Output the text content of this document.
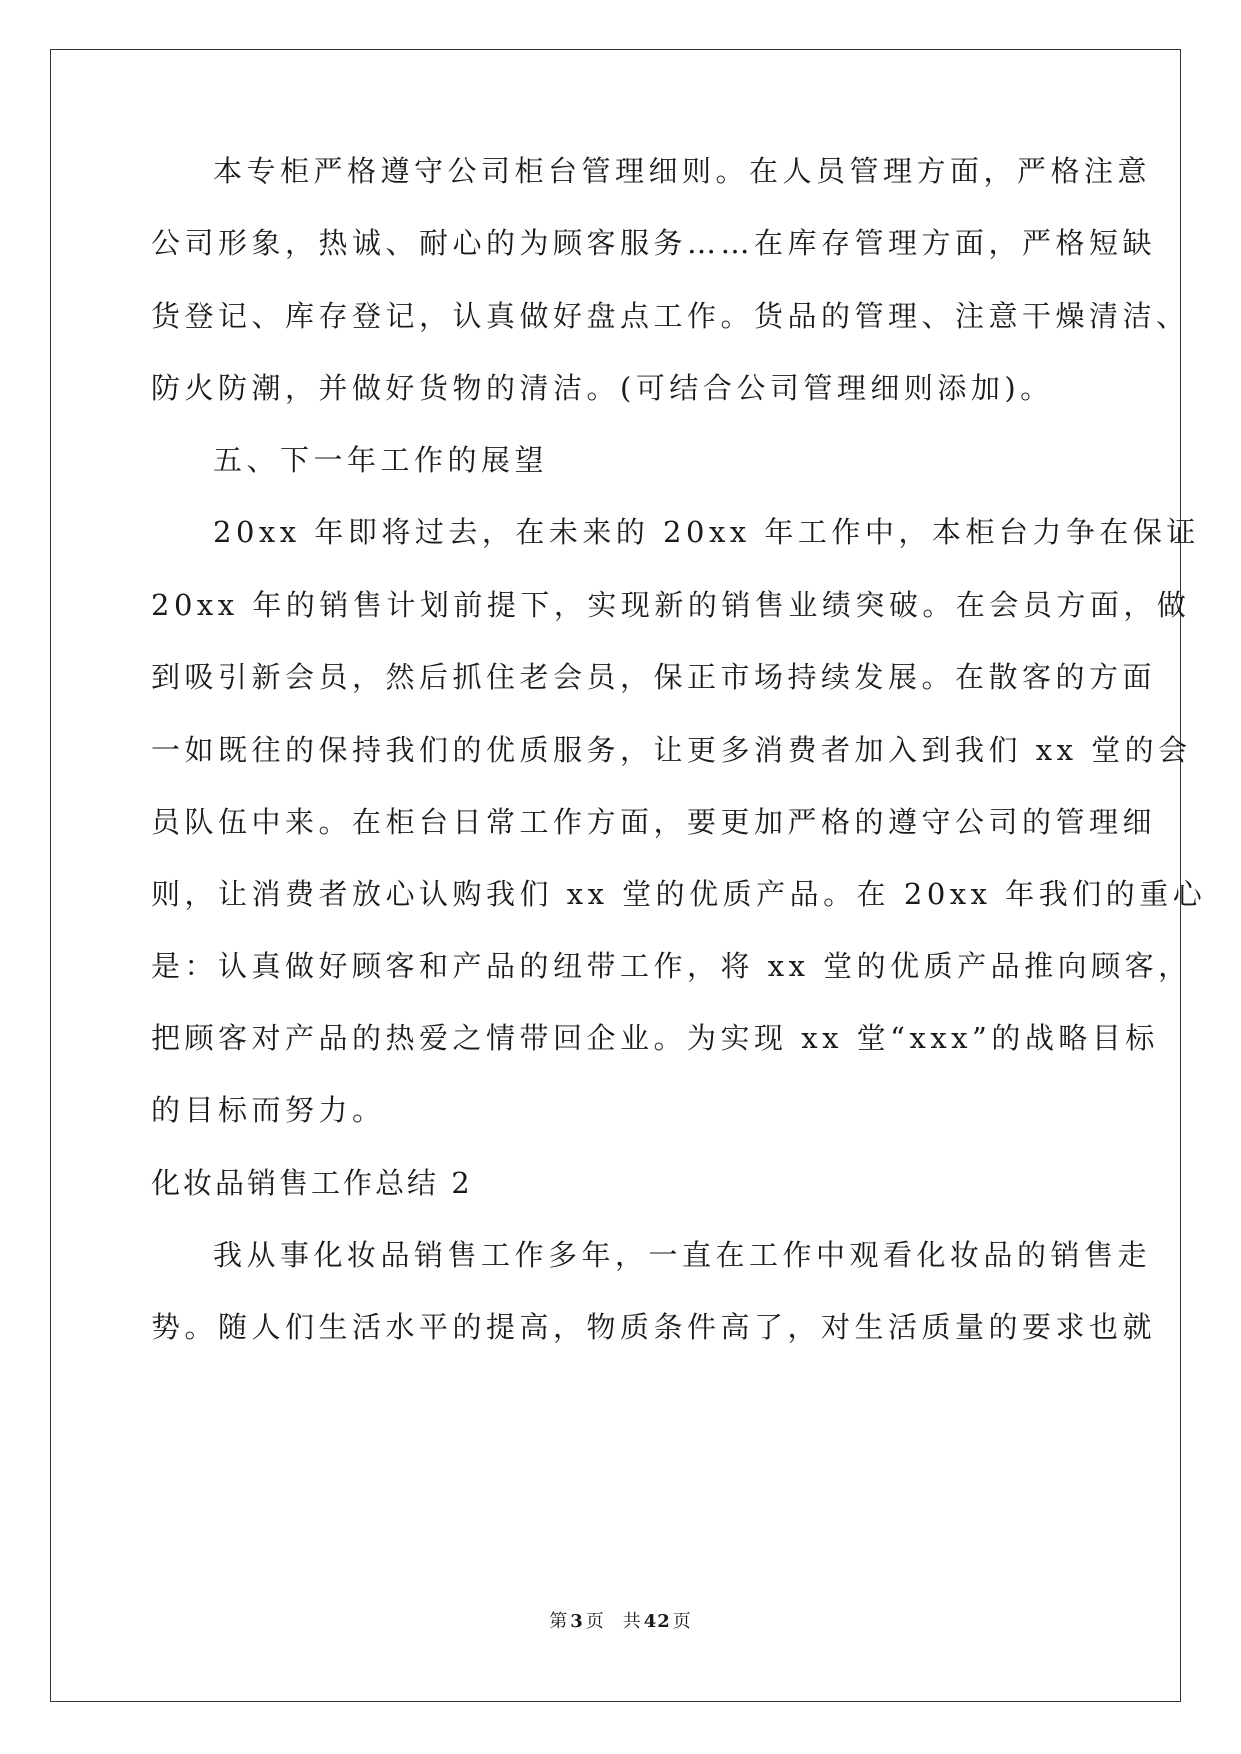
本专柜严格遵守公司柜台管理细则。在人员管理方面，严格注意
公司形象，热诚、耐心的为顾客服务……在库存管理方面，严格短缺
货登记、库存登记，认真做好盘点工作。货品的管理、注意干燥清洁、
防火防潮，并做好货物的清洁。(可结合公司管理细则添加)。
五、下一年工作的展望
20xx 年即将过去，在未来的 20xx 年工作中，本柜台力争在保证
20xx 年的销售计划前提下，实现新的销售业绩突破。在会员方面，做
到吸引新会员，然后抓住老会员，保正市场持续发展。在散客的方面
一如既往的保持我们的优质服务，让更多消费者加入到我们 xx 堂的会
员队伍中来。在柜台日常工作方面，要更加严格的遵守公司的管理细
则，让消费者放心认购我们 xx 堂的优质产品。在 20xx 年我们的重心
是：认真做好顾客和产品的纽带工作，将 xx 堂的优质产品推向顾客，
把顾客对产品的热爱之情带回企业。为实现 xx 堂“xxx”的战略目标
的目标而努力。
化妆品销售工作总结 2
我从事化妆品销售工作多年，一直在工作中观看化妆品的销售走
势。随人们生活水平的提高，物质条件高了，对生活质量的要求也就
第 3 页 共 42 页
